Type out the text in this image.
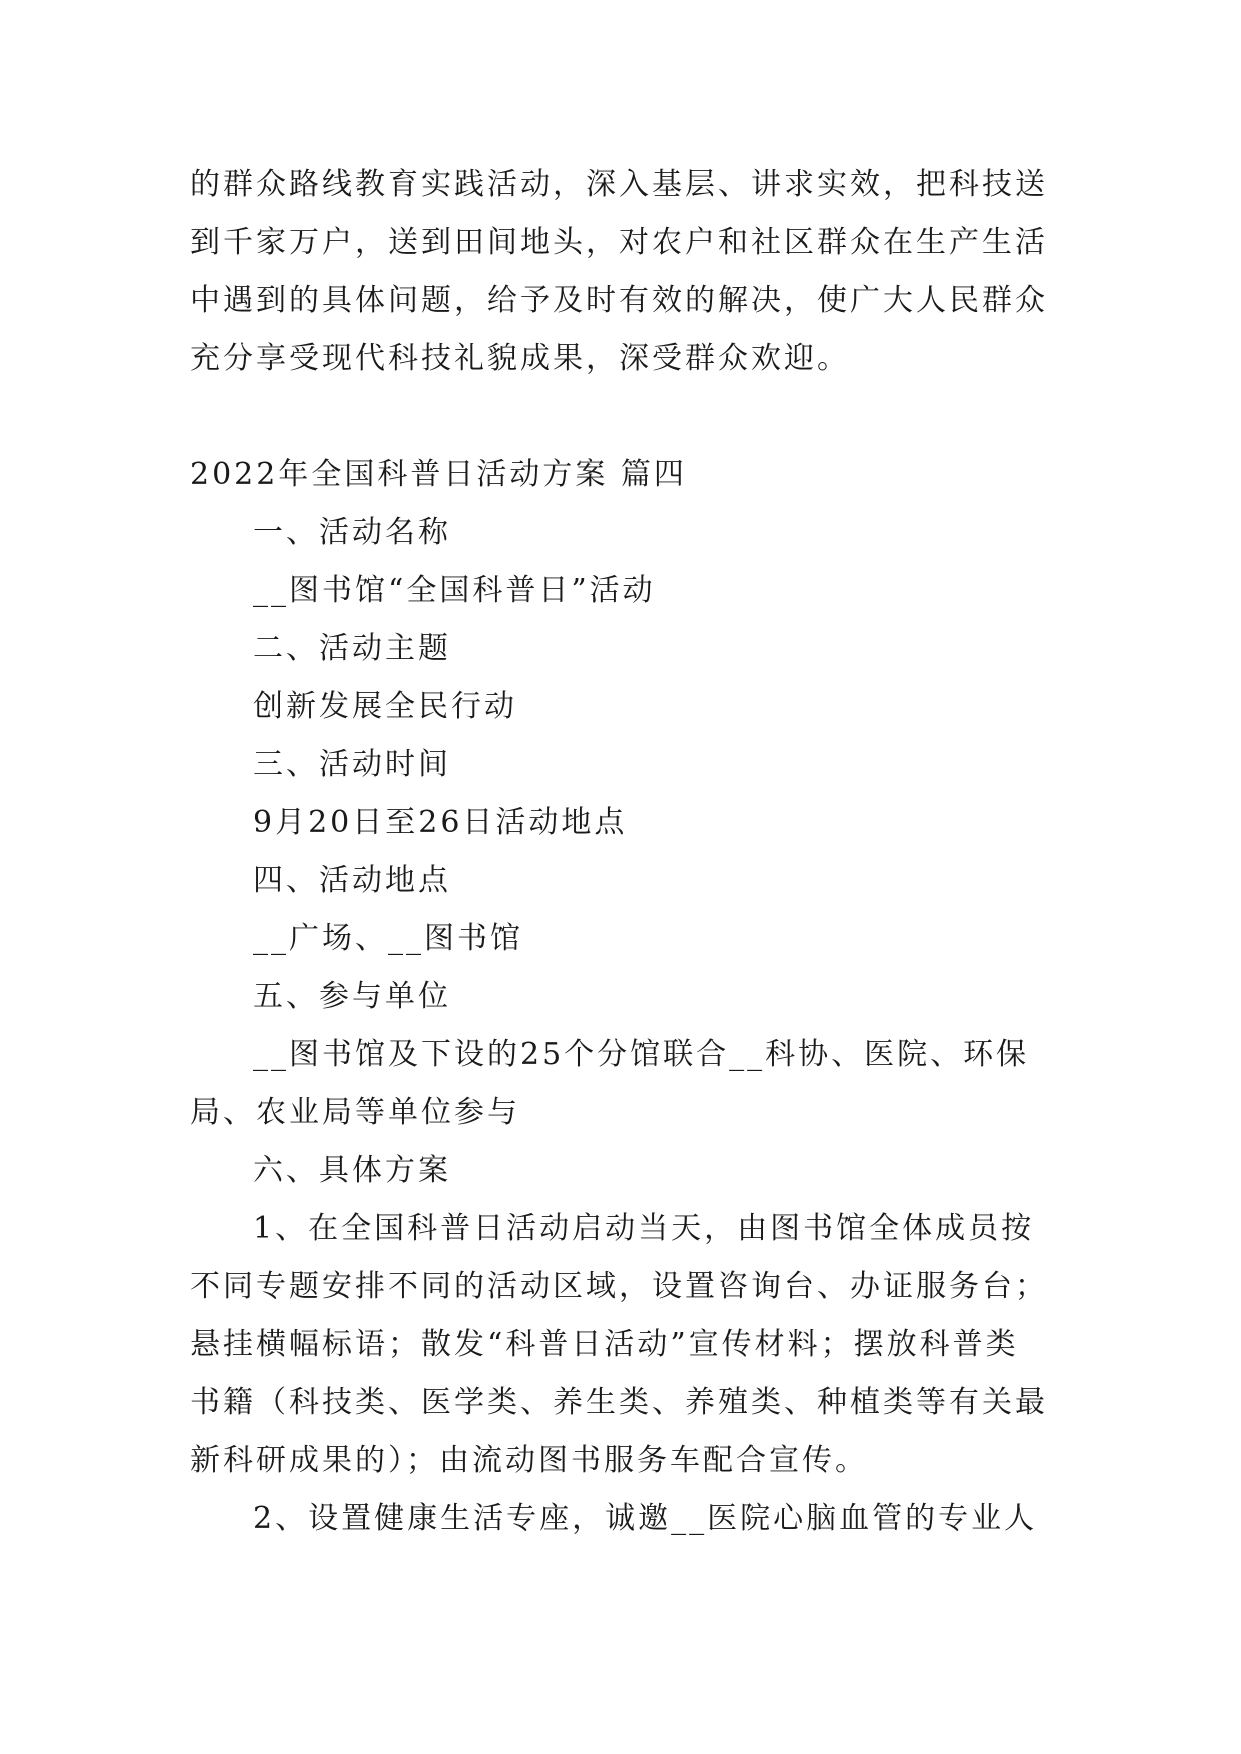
的群众路线教育实践活动，深入基层、讲求实效，把科技送
到千家万户，送到田间地头，对农户和社区群众在生产生活
中遇到的具体问题，给予及时有效的解决，使广大人民群众
充分享受现代科技礼貌成果，深受群众欢迎。
2022年全国科普日活动方案 篇四
一、活动名称
__图书馆“全国科普日”活动
二、活动主题
创新发展全民行动
三、活动时间
9月20日至26日活动地点
四、活动地点
__广场、__图书馆
五、参与单位
__图书馆及下设的25个分馆联合__科协、医院、环保
局、农业局等单位参与
六、具体方案
1、在全国科普日活动启动当天，由图书馆全体成员按
不同专题安排不同的活动区域，设置咨询台、办证服务台；
悬挂横幅标语；散发“科普日活动”宣传材料；摆放科普类
书籍（科技类、医学类、养生类、养殖类、种植类等有关最
新科研成果的）；由流动图书服务车配合宣传。
2、设置健康生活专座，诚邀__医院心脑血管的专业人
